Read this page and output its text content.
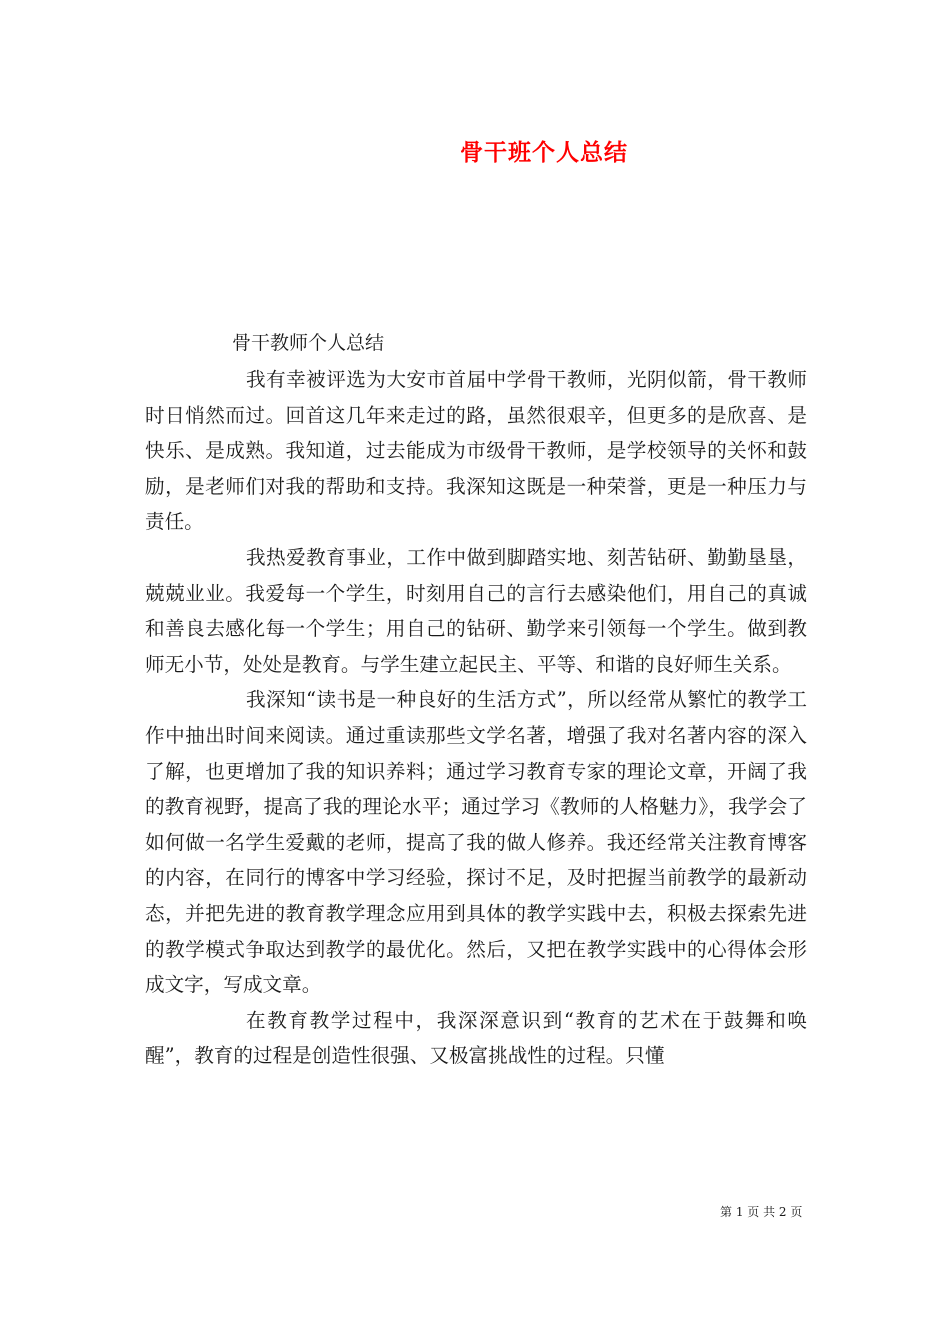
骨干班个人总结
骨干教师个人总结

我有幸被评选为大安市首届中学骨干教师，光阴似箭，骨干教师时日悄然而过。回首这几年来走过的路，虽然很艰辛，但更多的是欣喜、是快乐、是成熟。我知道，过去能成为市级骨干教师，是学校领导的关怀和鼓励，是老师们对我的帮助和支持。我深知这既是一种荣誉，更是一种压力与责任。

我热爱教育事业，工作中做到脚踏实地、刻苦钻研、勤勤垦垦，兢兢业业。我爱每一个学生，时刻用自己的言行去感染他们，用自己的真诚和善良去感化每一个学生；用自己的钻研、勤学来引领每一个学生。做到教师无小节，处处是教育。与学生建立起民主、平等、和谐的良好师生关系。

我深知“读书是一种良好的生活方式”，所以经常从繁忙的教学工作中抽出时间来阅读。通过重读那些文学名著，增强了我对名著内容的深入了解，也更增加了我的知识养料；通过学习教育专家的理论文章，开阔了我的教育视野，提高了我的理论水平；通过学习《教师的人格魅力》，我学会了如何做一名学生爱戴的老师，提高了我的做人修养。我还经常关注教育博客的内容，在同行的博客中学习经验，探讨不足，及时把握当前教学的最新动态，并把先进的教育教学理念应用到具体的教学实践中去，积极去探索先进的教学模式争取达到教学的最优化。然后，又把在教学实践中的心得体会形成文字，写成文章。

在教育教学过程中，我深深意识到“教育的艺术在于鼓舞和唤醒”，教育的过程是创造性很强、又极富挑战性的过程。只懂

第 1 页 共 2 页
